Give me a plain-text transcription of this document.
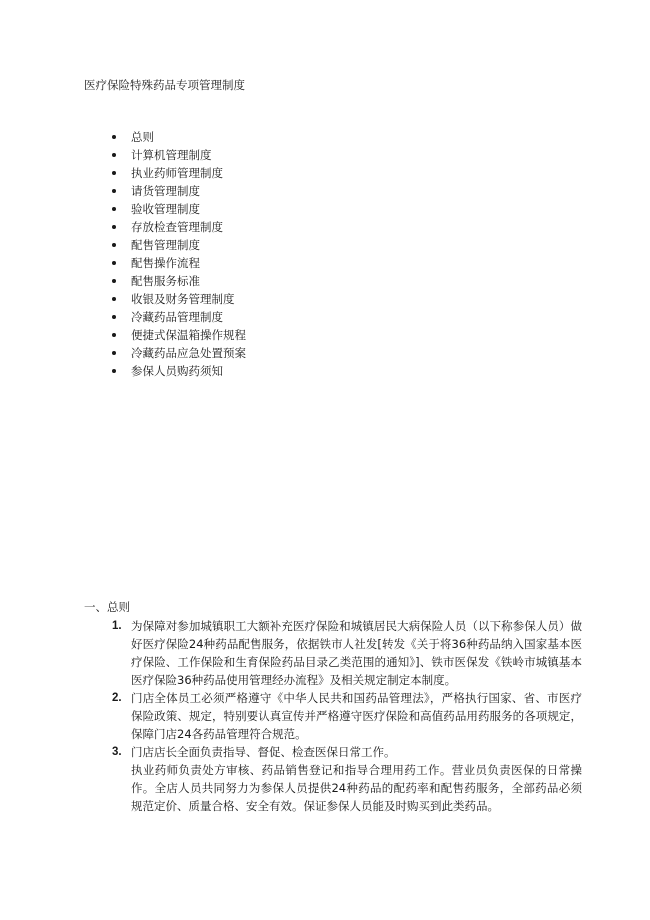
医疗保险特殊药品专项管理制度
总则
计算机管理制度
执业药师管理制度
请货管理制度
验收管理制度
存放检查管理制度
配售管理制度
配售操作流程
配售服务标准
收银及财务管理制度
冷藏药品管理制度
便捷式保温箱操作规程
冷藏药品应急处置预案
参保人员购药须知
一、总则
1. 为保障对参加城镇职工大额补充医疗保险和城镇居民大病保险人员（以下称参保人员）做好医疗保险24种药品配售服务，依据铁市人社发[转发《关于将36种药品纳入国家基本医疗保险、工作保险和生育保险药品目录乙类范围的通知》]、铁市医保发《铁岭市城镇基本医疗保险36种药品使用管理经办流程》及相关规定制定本制度。

2. 门店全体员工必须严格遵守《中华人民共和国药品管理法》，严格执行国家、省、市医疗保险政策、规定，特别要认真宣传并严格遵守医疗保险和高值药品用药服务的各项规定，保障门店24各药品管理符合规范。

3. 门店店长全面负责指导、督促、检查医保日常工作。

执业药师负责处方审核、药品销售登记和指导合理用药工作。营业员负责医保的日常操作。全店人员共同努力为参保人员提供24种药品的配药率和配售药服务，全部药品必须规范定价、质量合格、安全有效。保证参保人员能及时购买到此类药品。
